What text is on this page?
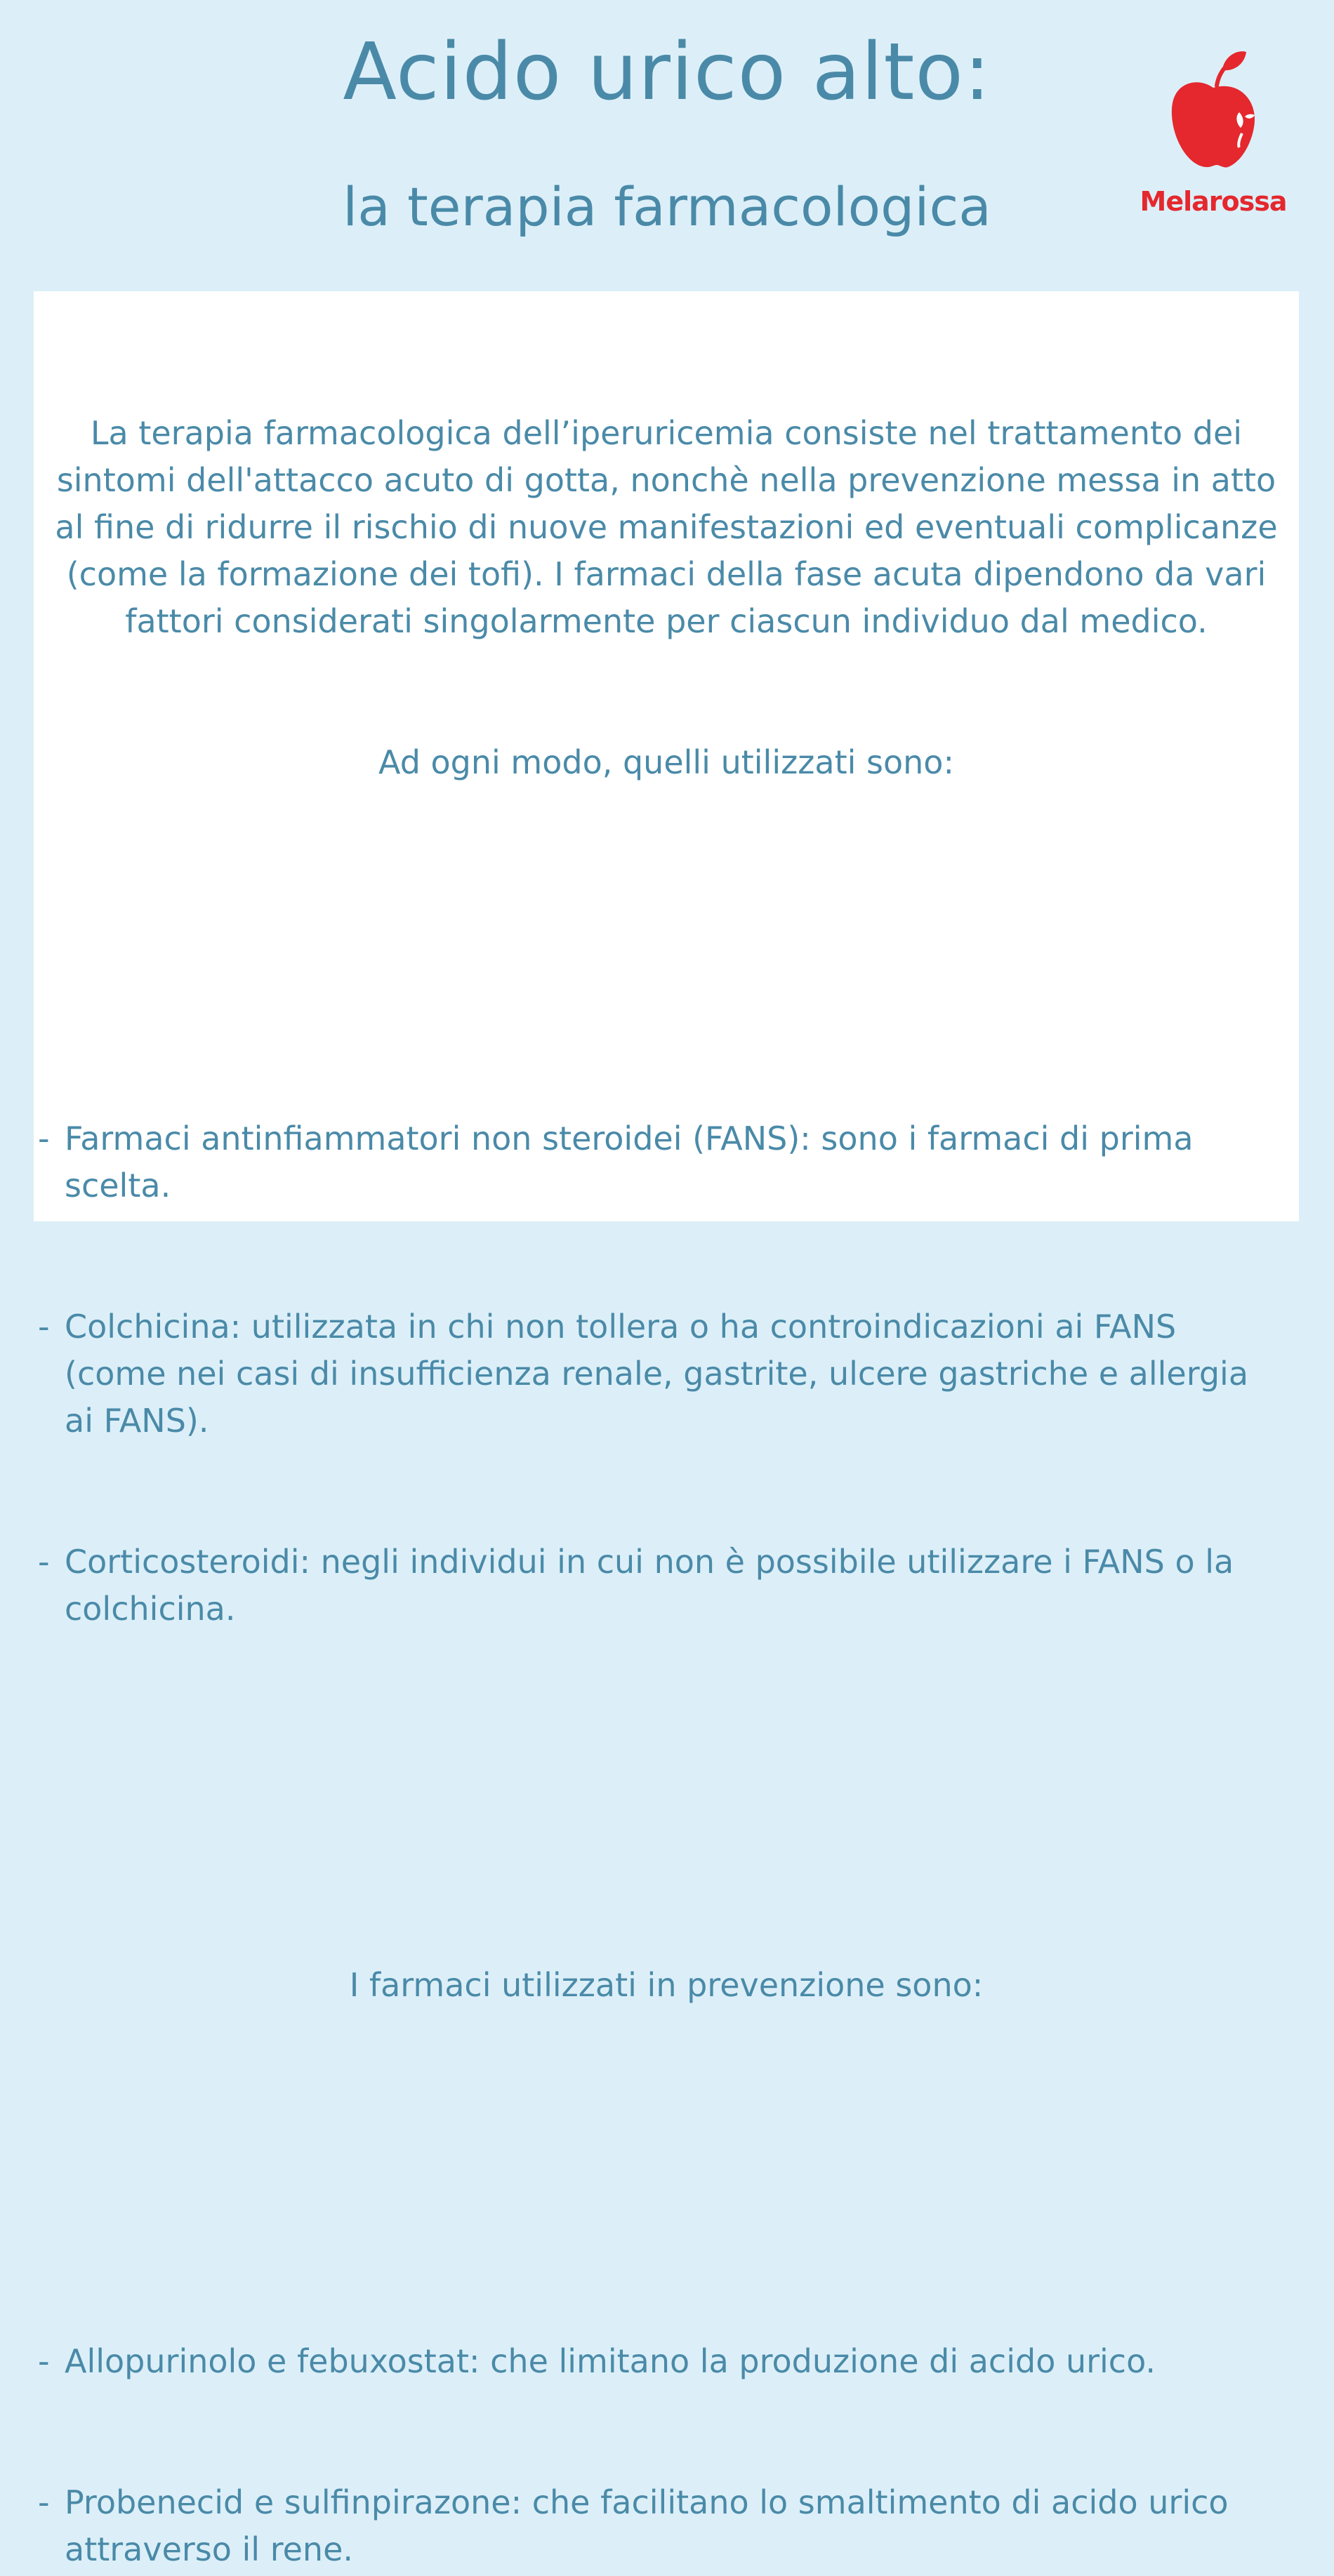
Acido urico alto:
la terapia farmacologica	Melarossa

La terapia farmacologica dell’iperuricemia consiste nel trattamento dei sintomi dell'attacco acuto di gotta, nonchè nella prevenzione messa in atto al fine di ridurre il rischio di nuove manifestazioni ed eventuali complicanze (come la formazione dei tofi). I farmaci della fase acuta dipendono da vari fattori considerati singolarmente per ciascun individuo dal medico.

Ad ogni modo, quelli utilizzati sono:

- Farmaci antinfiammatori non steroidei (FANS): sono i farmaci di prima scelta.

- Colchicina: utilizzata in chi non tollera o ha controindicazioni ai FANS (come nei casi di insufficienza renale, gastrite, ulcere gastriche e allergia ai FANS).

- Corticosteroidi: negli individui in cui non è possibile utilizzare i FANS o la colchicina.

I farmaci utilizzati in prevenzione sono:

- Allopurinolo e febuxostat: che limitano la produzione di acido urico.

- Probenecid e sulfinpirazone: che facilitano lo smaltimento di acido urico attraverso il rene.
